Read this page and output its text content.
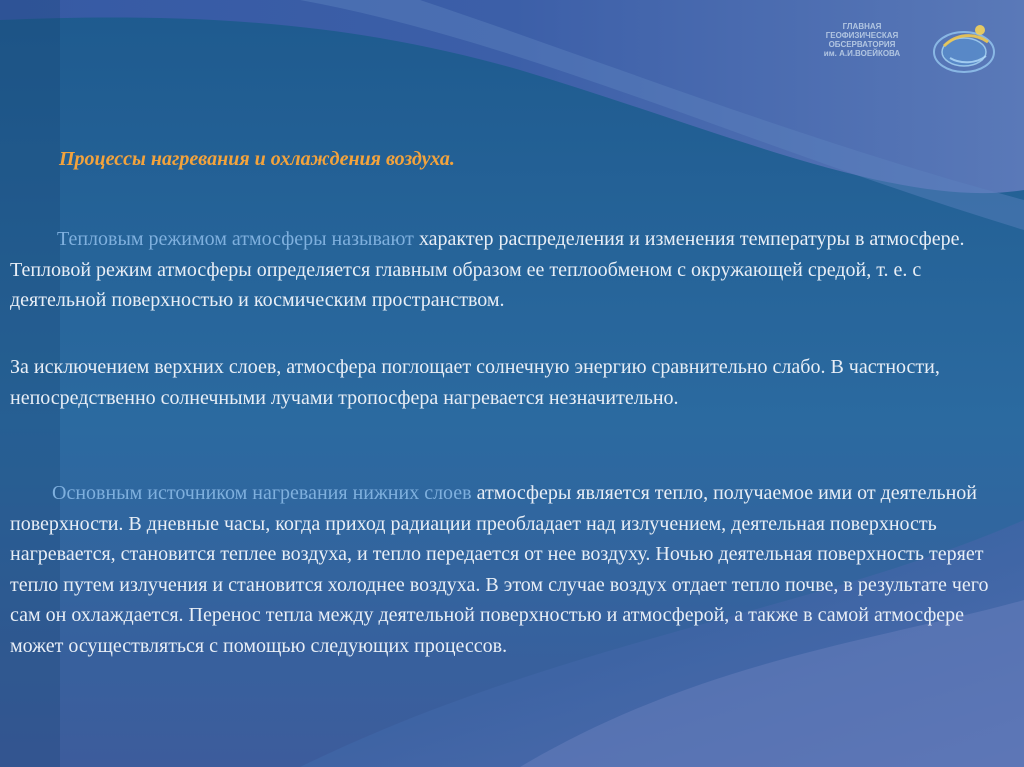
ГЛАВНАЯ
ГЕОФИЗИЧЕСКАЯ
ОБСЕРВАТОРИЯ
им. А.И.ВОЕЙКОВА
Процессы нагревания и охлаждения воздуха.

Тепловым режимом атмосферы называют характер распределения и изменения температуры в атмосфере. Тепловой режим атмосферы определяется главным образом ее теплообменом с окружающей средой, т. е. с деятельной поверхностью и космическим пространством.

За исключением верхних слоев, атмосфера поглощает солнечную энергию сравнительно слабо. В частности, непосредственно солнечными лучами тропосфера нагревается незначительно.

Основным источником нагревания нижних слоев атмосферы является тепло, получаемое ими от деятельной поверхности. В дневные часы, когда приход радиации преобладает над излучением, деятельная поверхность нагревается, становится теплее воздуха, и тепло передается от нее воздуху. Ночью деятельная поверхность теряет тепло путем излучения и становится холоднее воздуха. В этом случае воздух отдает тепло почве, в результате чего сам он охлаждается. Перенос тепла между деятельной поверхностью и атмосферой, а также в самой атмосфере может осуществляться с помощью следующих процессов.
